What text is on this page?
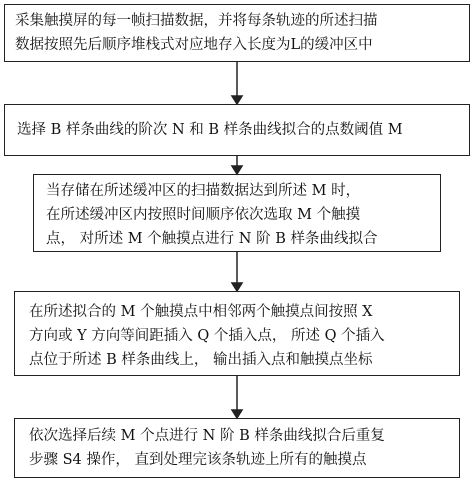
采集触摸屏的每一帧扫描数据，并将每条轨迹的所述扫描
数据按照先后顺序堆栈式对应地存入长度为L的缓冲区中
选择 B 样条曲线的阶次 N 和 B 样条曲线拟合的点数阈值 M
当存储在所述缓冲区的扫描数据达到所述 M 时，
在所述缓冲区内按照时间顺序依次选取 M 个触摸
点， 对所述 M 个触摸点进行 N 阶 B 样条曲线拟合
在所述拟合的 M 个触摸点中相邻两个触摸点间按照 X
方向或 Y 方向等间距插入 Q 个插入点， 所述 Q 个插入
点位于所述 B 样条曲线上， 输出插入点和触摸点坐标
依次选择后续 M 个点进行 N 阶 B 样条曲线拟合后重复
步骤 S4 操作， 直到处理完该条轨迹上所有的触摸点
